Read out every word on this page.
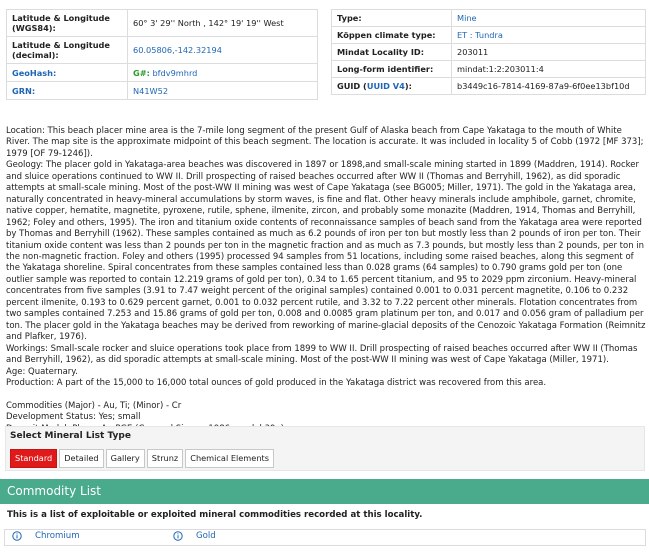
Latitude & Longitude (WGS84):	60° 3' 29'' North , 142° 19' 19'' West
Latitude & Longitude (decimal):	60.05806,-142.32194
GeoHash:	G#: bfdv9mhrd
GRN:	N41W52
Type:	Mine
Köppen climate type:	ET : Tundra
Mindat Locality ID:	203011
Long-form identifier:	mindat:1:2:203011:4
GUID (UUID V4):	b3449c16-7814-4169-87a9-6f0ee13bf10d

Location: This beach placer mine area is the 7-mile long segment of the present Gulf of Alaska beach from Cape Yakataga to the mouth of White River. The map site is the approximate midpoint of this beach segment. The location is accurate. It was included in locality 5 of Cobb (1972 [MF 373]; 1979 [OF 79-1246]).

Geology: The placer gold in Yakataga-area beaches was discovered in 1897 or 1898,and small-scale mining started in 1899 (Maddren, 1914). Rocker and sluice operations continued to WW II. Drill prospecting of raised beaches occurred after WW II (Thomas and Berryhill, 1962), as did sporadic attempts at small-scale mining. Most of the post-WW II mining was west of Cape Yakataga (see BG005; Miller, 1971). The gold in the Yakataga area, naturally concentrated in heavy-mineral accumulations by storm waves, is fine and flat. Other heavy minerals include amphibole, garnet, chromite, native copper, hematite, magnetite, pyroxene, rutile, sphene, ilmenite, zircon, and probably some monazite (Maddren, 1914, Thomas and Berryhill, 1962; Foley and others, 1995). The iron and titanium oxide contents of reconnaissance samples of beach sand from the Yakataga area were reported by Thomas and Berryhill (1962). These samples contained as much as 6.2 pounds of iron per ton but mostly less than 2 pounds of iron per ton. Their titanium oxide content was less than 2 pounds per ton in the magnetic fraction and as much as 7.3 pounds, but mostly less than 2 pounds, per ton in the non-magnetic fraction. Foley and others (1995) processed 94 samples from 51 locations, including some raised beaches, along this segment of the Yakataga shoreline. Spiral concentrates from these samples contained less than 0.028 grams (64 samples) to 0.790 grams gold per ton (one outlier sample was reported to contain 12.219 grams of gold per ton), 0.34 to 1.65 percent titanium, and 95 to 2029 ppm zirconium. Heavy-mineral concentrates from five samples (3.91 to 7.47 weight percent of the original samples) contained 0.001 to 0.031 percent magnetite, 0.106 to 0.232 percent ilmenite, 0.193 to 0.629 percent garnet, 0.001 to 0.032 percent rutile, and 3.32 to 7.22 percent other minerals. Flotation concentrates from two samples contained 7.253 and 15.86 grams of gold per ton, 0.008 and 0.0085 gram platinum per ton, and 0.017 and 0.056 gram of palladium per ton. The placer gold in the Yakataga beaches may be derived from reworking of marine-glacial deposits of the Cenozoic Yakataga Formation (Reimnitz and Plafker, 1976).

Workings: Small-scale rocker and sluice operations took place from 1899 to WW II. Drill prospecting of raised beaches occurred after WW II (Thomas and Berryhill, 1962), as did sporadic attempts at small-scale mining. Most of the post-WW II mining was west of Cape Yakataga (Miller, 1971).

Age: Quaternary.

Production: A part of the 15,000 to 16,000 total ounces of gold produced in the Yakataga district was recovered from this area.

Commodities (Major) - Au, Ti; (Minor) - Cr

Development Status: Yes; small

Select Mineral List Type
Standard	Detailed	Gallery	Strunz	Chemical Elements
Commodity List
This is a list of exploitable or exploited mineral commodities recorded at this locality.
Chromium	Gold
